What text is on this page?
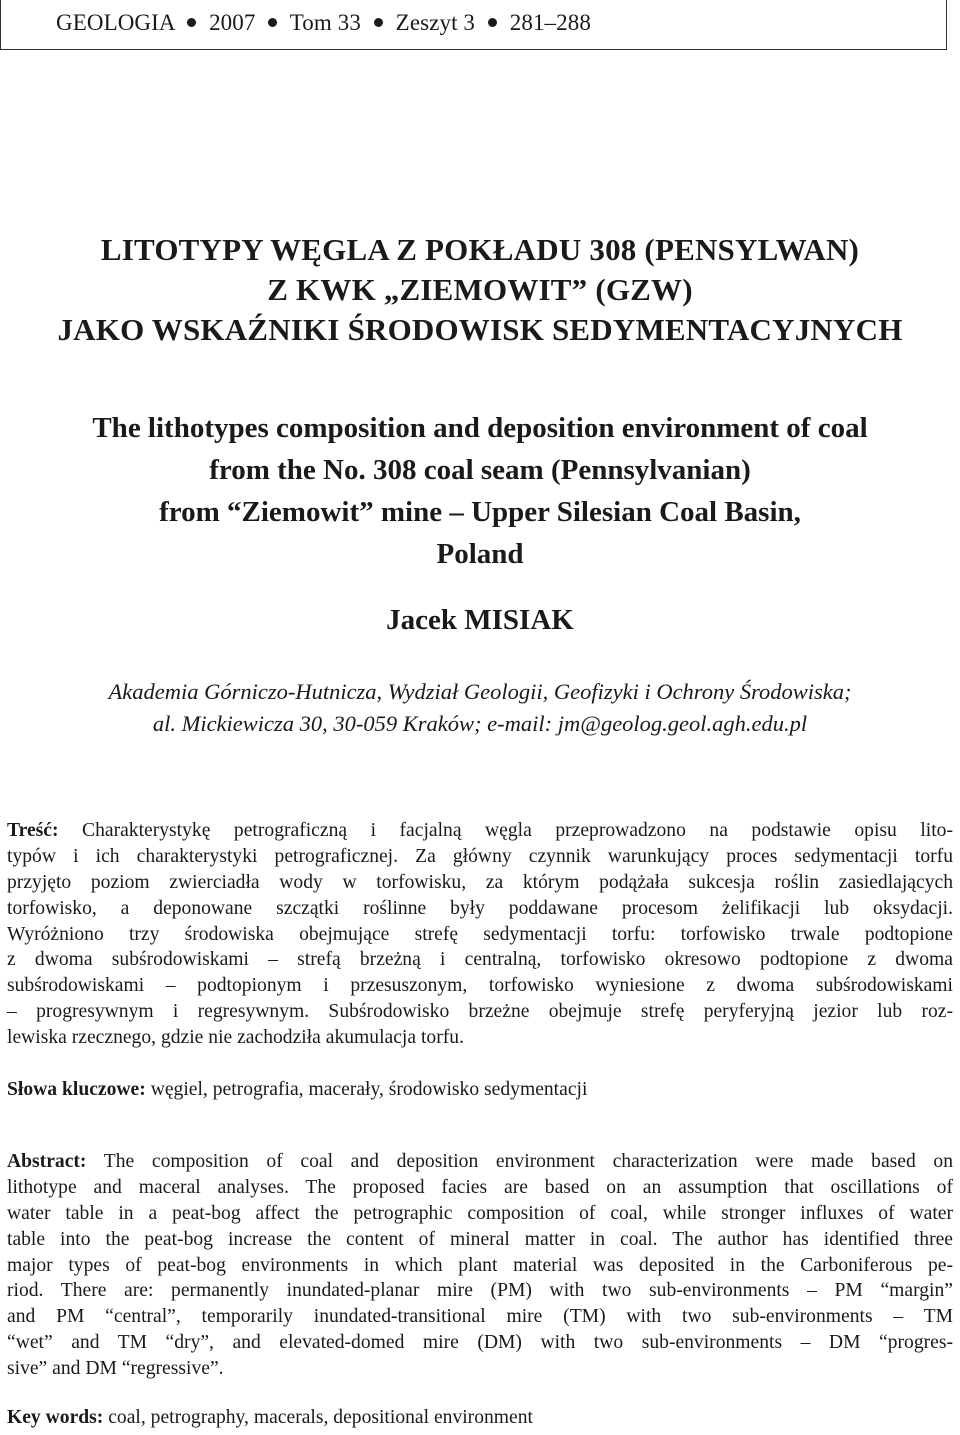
GEOLOGIA 2007 Tom 33 Zeszyt 3 281–288
LITOTYPY WĘGLA Z POKŁADU 308 (PENSYLWAN)
Z KWK „ZIEMOWIT” (GZW)
JAKO WSKAŹNIKI ŚRODOWISK SEDYMENTACYJNYCH
The lithotypes composition and deposition environment of coal
from the No. 308 coal seam (Pennsylvanian)
from “Ziemowit” mine – Upper Silesian Coal Basin,
Poland
Jacek MISIAK
Akademia Górniczo-Hutnicza, Wydział Geologii, Geofizyki i Ochrony Środowiska;
al. Mickiewicza 30, 30-059 Kraków; e-mail: jm@geolog.geol.agh.edu.pl
Treść: Charakterystykę petrograficzną i facjalną węgla przeprowadzono na podstawie opisu lito-
typów i ich charakterystyki petrograficznej. Za główny czynnik warunkujący proces sedymentacji torfu
przyjęto poziom zwierciadła wody w torfowisku, za którym podążała sukcesja roślin zasiedlających
torfowisko, a deponowane szczątki roślinne były poddawane procesom żelifikacji lub oksydacji.
Wyróżniono trzy środowiska obejmujące strefę sedymentacji torfu: torfowisko trwale podtopione
z dwoma subśrodowiskami – strefą brzeżną i centralną, torfowisko okresowo podtopione z dwoma
subśrodowiskami – podtopionym i przesuszonym, torfowisko wyniesione z dwoma subśrodowiskami
– progresywnym i regresywnym. Subśrodowisko brzeżne obejmuje strefę peryferyjną jezior lub roz-
lewiska rzecznego, gdzie nie zachodziła akumulacja torfu.
Słowa kluczowe: węgiel, petrografia, macerały, środowisko sedymentacji
Abstract: The composition of coal and deposition environment characterization were made based on
lithotype and maceral analyses. The proposed facies are based on an assumption that oscillations of
water table in a peat-bog affect the petrographic composition of coal, while stronger influxes of water
table into the peat-bog increase the content of mineral matter in coal. The author has identified three
major types of peat-bog environments in which plant material was deposited in the Carboniferous pe-
riod. There are: permanently inundated-planar mire (PM) with two sub-environments – PM “margin”
and PM “central”, temporarily inundated-transitional mire (TM) with two sub-environments – TM
“wet” and TM “dry”, and elevated-domed mire (DM) with two sub-environments – DM “progres-
sive” and DM “regressive”.
Key words: coal, petrography, macerals, depositional environment
